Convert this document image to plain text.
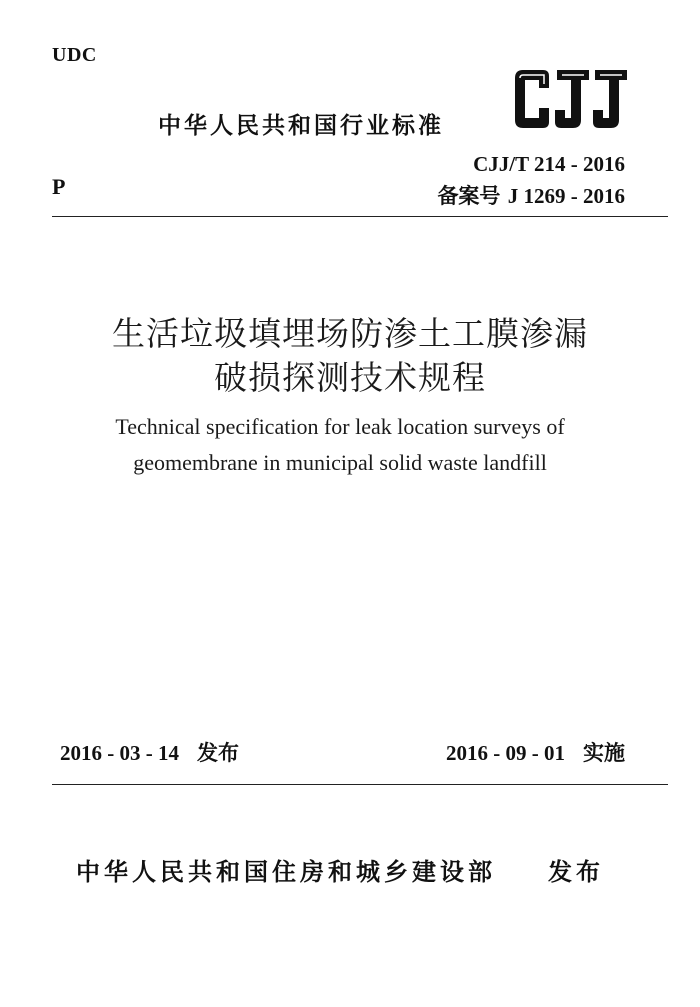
UDC
中华人民共和国行业标准
CJJ/T 214 - 2016
备案号 J 1269 - 2016
P
生活垃圾填埋场防渗土工膜渗漏
破损探测技术规程
Technical specification for leak location surveys of
geomembrane in municipal solid waste landfill
2016 - 03 - 14 发布	2016 - 09 - 01 实施
中华人民共和国住房和城乡建设部 发布
